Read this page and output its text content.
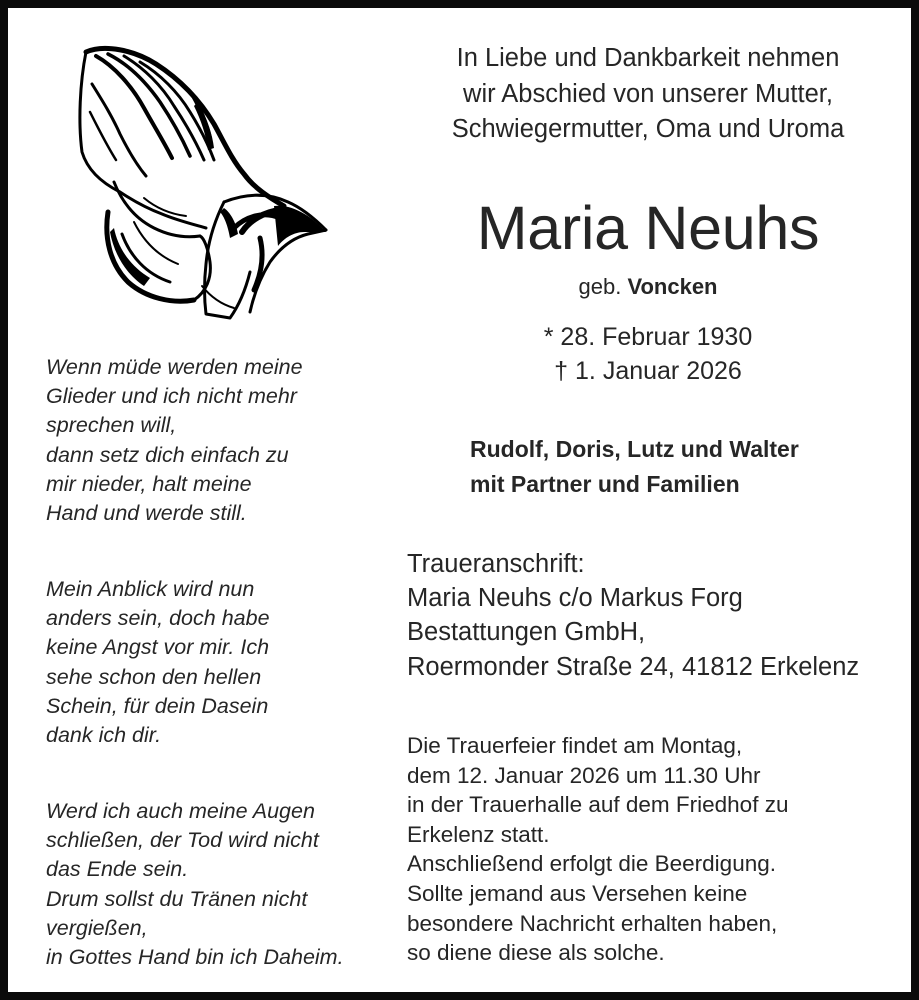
In Liebe und Dankbarkeit nehmen
wir Abschied von unserer Mutter,
Schwiegermutter, Oma und Uroma
Maria Neuhs
geb. Voncken
* 28. Februar 1930
† 1. Januar 2026
Rudolf, Doris, Lutz und Walter
mit Partner und Familien
Traueranschrift:
Maria Neuhs c/o Markus Forg
Bestattungen GmbH,
Roermonder Straße 24, 41812 Erkelenz
Die Trauerfeier findet am Montag,
dem 12. Januar 2026 um 11.30 Uhr
in der Trauerhalle auf dem Friedhof zu
Erkelenz statt.
Anschließend erfolgt die Beerdigung.
Sollte jemand aus Versehen keine
besondere Nachricht erhalten haben,
so diene diese als solche.
Wenn müde werden meine
Glieder und ich nicht mehr
sprechen will,
dann setz dich einfach zu
mir nieder, halt meine
Hand und werde still.
Mein Anblick wird nun
anders sein, doch habe
keine Angst vor mir. Ich
sehe schon den hellen
Schein, für dein Dasein
dank ich dir.
Werd ich auch meine Augen
schließen, der Tod wird nicht
das Ende sein.
Drum sollst du Tränen nicht
vergießen,
in Gottes Hand bin ich Daheim.
